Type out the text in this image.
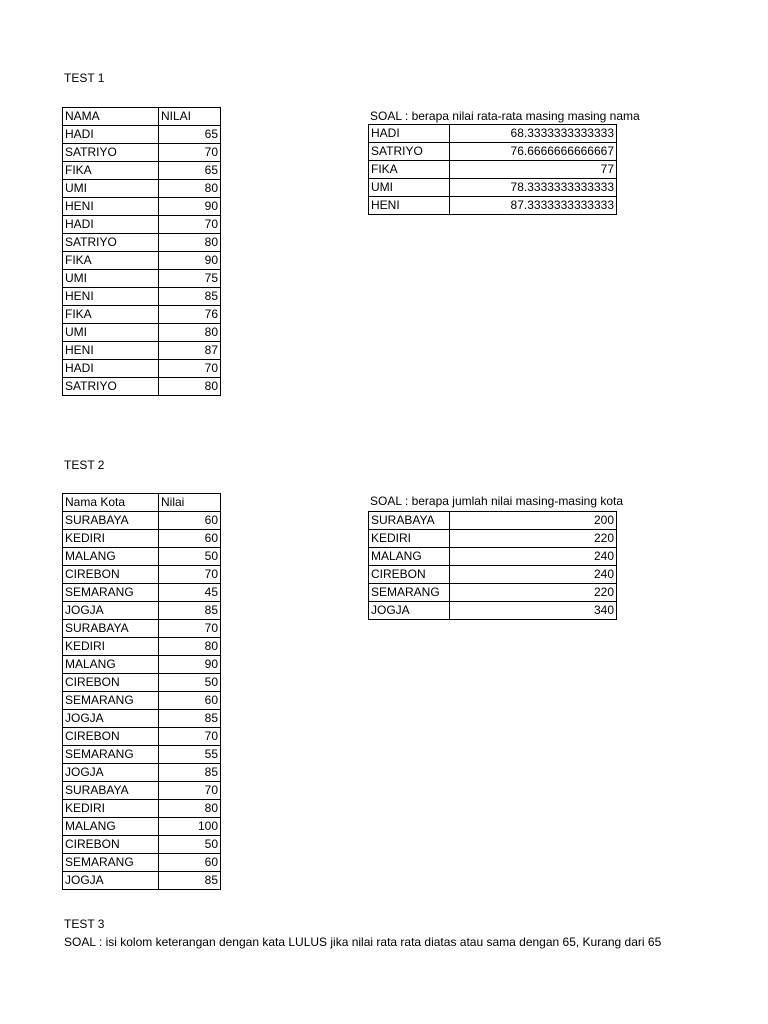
TEST 1
NAMA	NILAI
HADI	65
SATRIYO	70
FIKA	65
UMI	80
HENI	90
HADI	70
SATRIYO	80
FIKA	90
UMI	75
HENI	85
FIKA	76
UMI	80
HENI	87
HADI	70
SATRIYO	80
SOAL : berapa nilai rata-rata masing masing nama
HADI	68.3333333333333
SATRIYO	76.6666666666667
FIKA	77
UMI	78.3333333333333
HENI	87.3333333333333
TEST 2
Nama Kota	Nilai
SURABAYA	60
KEDIRI	60
MALANG	50
CIREBON	70
SEMARANG	45
JOGJA	85
SURABAYA	70
KEDIRI	80
MALANG	90
CIREBON	50
SEMARANG	60
JOGJA	85
CIREBON	70
SEMARANG	55
JOGJA	85
SURABAYA	70
KEDIRI	80
MALANG	100
CIREBON	50
SEMARANG	60
JOGJA	85
SOAL : berapa jumlah nilai masing-masing kota
SURABAYA	200
KEDIRI	220
MALANG	240
CIREBON	240
SEMARANG	220
JOGJA	340
TEST 3
SOAL : isi kolom keterangan dengan kata LULUS jika nilai rata rata diatas atau sama dengan 65, Kurang dari 65
